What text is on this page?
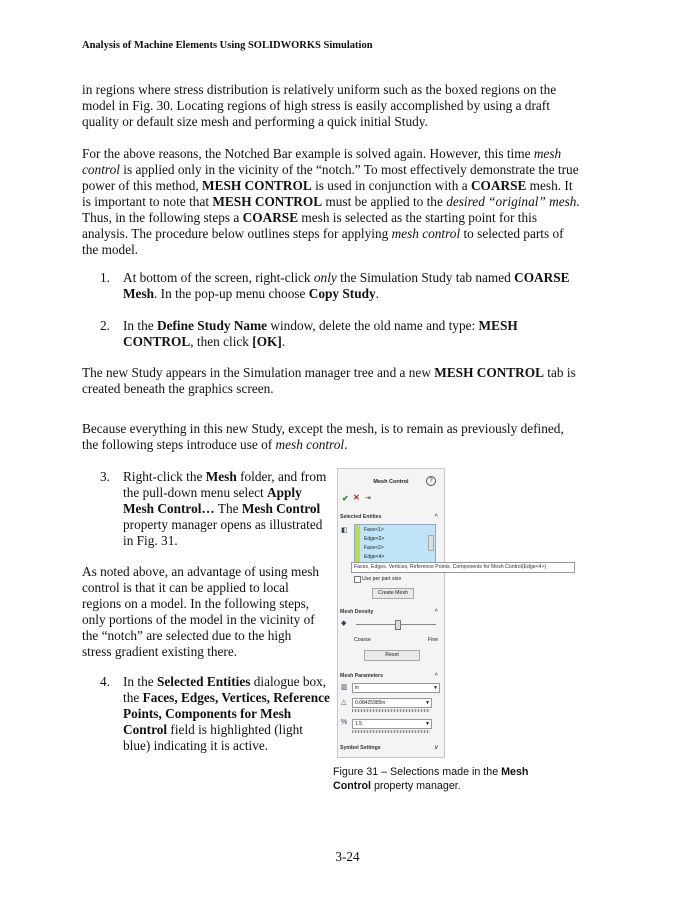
Analysis of Machine Elements Using SOLIDWORKS Simulation

in regions where stress distribution is relatively uniform such as the boxed regions on the model in Fig. 30. Locating regions of high stress is easily accomplished by using a draft quality or default size mesh and performing a quick initial Study.

For the above reasons, the Notched Bar example is solved again. However, this time mesh control is applied only in the vicinity of the “notch.” To most effectively demonstrate the true power of this method, MESH CONTROL is used in conjunction with a COARSE mesh. It is important to note that MESH CONTROL must be applied to the desired “original” mesh. Thus, in the following steps a COARSE mesh is selected as the starting point for this analysis. The procedure below outlines steps for applying mesh control to selected parts of the model.

1. At bottom of the screen, right-click only the Simulation Study tab named COARSE Mesh. In the pop-up menu choose Copy Study.
2. In the Define Study Name window, delete the old name and type: MESH CONTROL, then click [OK].

The new Study appears in the Simulation manager tree and a new MESH CONTROL tab is created beneath the graphics screen.

Because everything in this new Study, except the mesh, is to remain as previously defined, the following steps introduce use of mesh control.

3. Right-click the Mesh folder, and from the pull-down menu select Apply Mesh Control… The Mesh Control property manager opens as illustrated in Fig. 31.

As noted above, an advantage of using mesh control is that it can be applied to local regions on a model. In the following steps, only portions of the model in the vicinity of the “notch” are selected due to the high stress gradient existing there.

4. In the Selected Entities dialogue box, the Faces, Edges, Vertices, Reference Points, Components for Mesh Control field is highlighted (light blue) indicating it is active.
Mesh Control	?
✔ ✕ ⇥
Selected Entities	^
◧	Face<1>
Edge<2>
Face<2>
Edge<4>
Use per part size
Create Mesh
Mesh Density	^
◆
Coarse	Fine
Reset
Mesh Parameters	^
▥	in	▼
△	0.08425985in	▼
%	1.5	▼
Symbol Settings	v
Faces, Edges, Vertices, Reference Points, Components for Mesh Control(Edge<4>)
Figure 31 – Selections made in the Mesh Control property manager.
3-24
